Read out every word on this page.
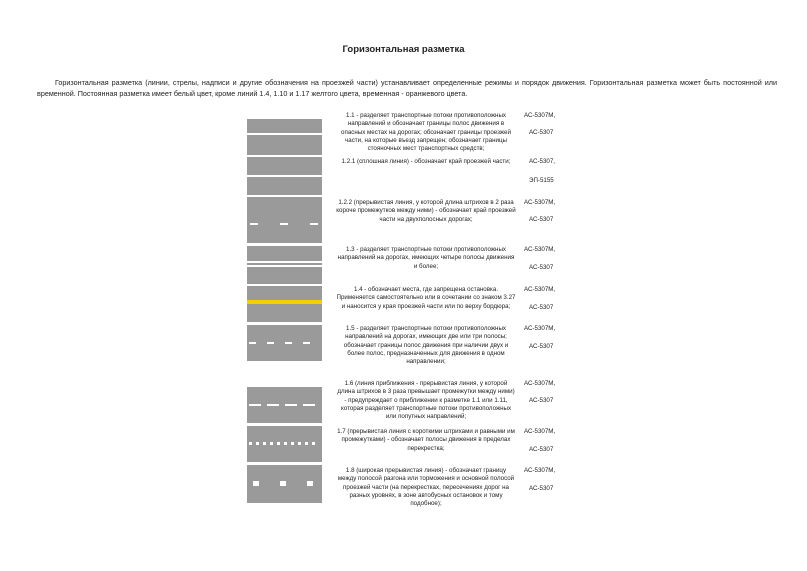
Горизонтальная разметка
Горизонтальная разметка (линии, стрелы, надписи и другие обозначения на проезжей части) устанавливает определенные режимы и порядок движения. Горизонтальная разметка может быть постоянной или временной. Постоянная разметка имеет белый цвет, кроме линий 1.4, 1.10 и 1.17 желтого цвета, временная - оранжевого цвета.
1.1 - разделяет транспортные потоки противоположных направлений и обозначает границы полос движения в опасных местах на дорогах; обозначает границы проезжей части, на которые въезд запрещен; обозначает границы стояночных мест транспортных средств;
АС-5307М,
АС-5307
1.2.1 (сплошная линия) - обозначает край проезжей части;	АС-5307,
ЭП-5155
1.2.2 (прерывистая линия, у которой длина штрихов в 2 раза короче промежутков между ними) - обозначает край проезжей части на двухполосных дорогах;
АС-5307М,
АС-5307
1.3 - разделяет транспортные потоки противоположных направлений на дорогах, имеющих четыре полосы движения и более;
АС-5307М,
АС-5307
1.4 - обозначает места, где запрещена остановка. Применяется самостоятельно или в сочетании со знаком 3.27 и наносится у края проезжей части или по верху бордюра;
АС-5307М,
АС-5307
1.5 - разделяет транспортные потоки противоположных направлений на дорогах, имеющих две или три полосы; обозначает границы полос движения при наличии двух и более полос, предназначенных для движения в одном направлении;
АС-5307М,
АС-5307
1.6 (линия приближения - прерывистая линия, у которой длина штрихов в 3 раза превышает промежутки между ними) - предупреждает о приближении к разметке 1.1 или 1.11, которая разделяет транспортные потоки противоположных или попутных направлений;
АС-5307М,
АС-5307
1.7 (прерывистая линия с короткими штрихами и равными им промежутками) - обозначает полосы движения в пределах перекрестка;
АС-5307М,
АС-5307
1.8 (широкая прерывистая линия) - обозначает границу между полосой разгона или торможения и основной полосой проезжей части (на перекрестках, пересечениях дорог на разных уровнях, в зоне автобусных остановок и тому подобное);
АС-5307М,
АС-5307
